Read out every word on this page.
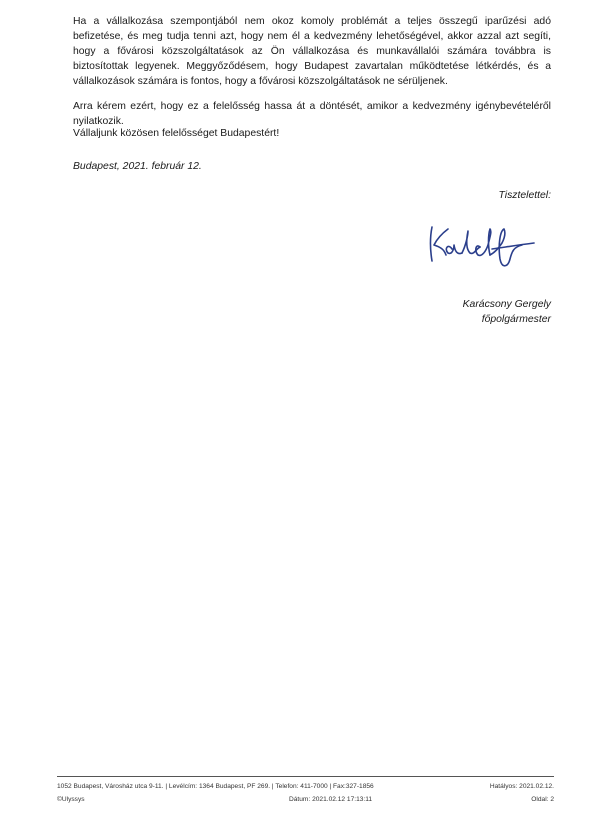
Ha a vállalkozása szempontjából nem okoz komoly problémát a teljes összegű iparűzési adó befizetése, és meg tudja tenni azt, hogy nem él a kedvezmény lehetőségével, akkor azzal azt segíti, hogy a fővárosi közszolgáltatások az Ön vállalkozása és munkavállalói számára továbbra is biztosítottak legyenek. Meggyőződésem, hogy Budapest zavartalan működtetése létkérdés, és a vállalkozások számára is fontos, hogy a fővárosi közszolgáltatások ne sérüljenek.

Arra kérem ezért, hogy ez a felelősség hassa át a döntését, amikor a kedvezmény igénybevételéről nyilatkozik.

Vállaljunk közösen felelősséget Budapestért!

Budapest, 2021. február 12.

Tisztelettel:

Karácsony Gergely
főpolgármester

1052 Budapest, Városház utca 9-11. | Levélcím: 1364 Budapest, PF 269. | Telefon: 411-7000 | Fax:327-1856	Hatályos: 2021.02.12.
©Ulyssys	Dátum: 2021.02.12 17:13:11	Oldal: 2
